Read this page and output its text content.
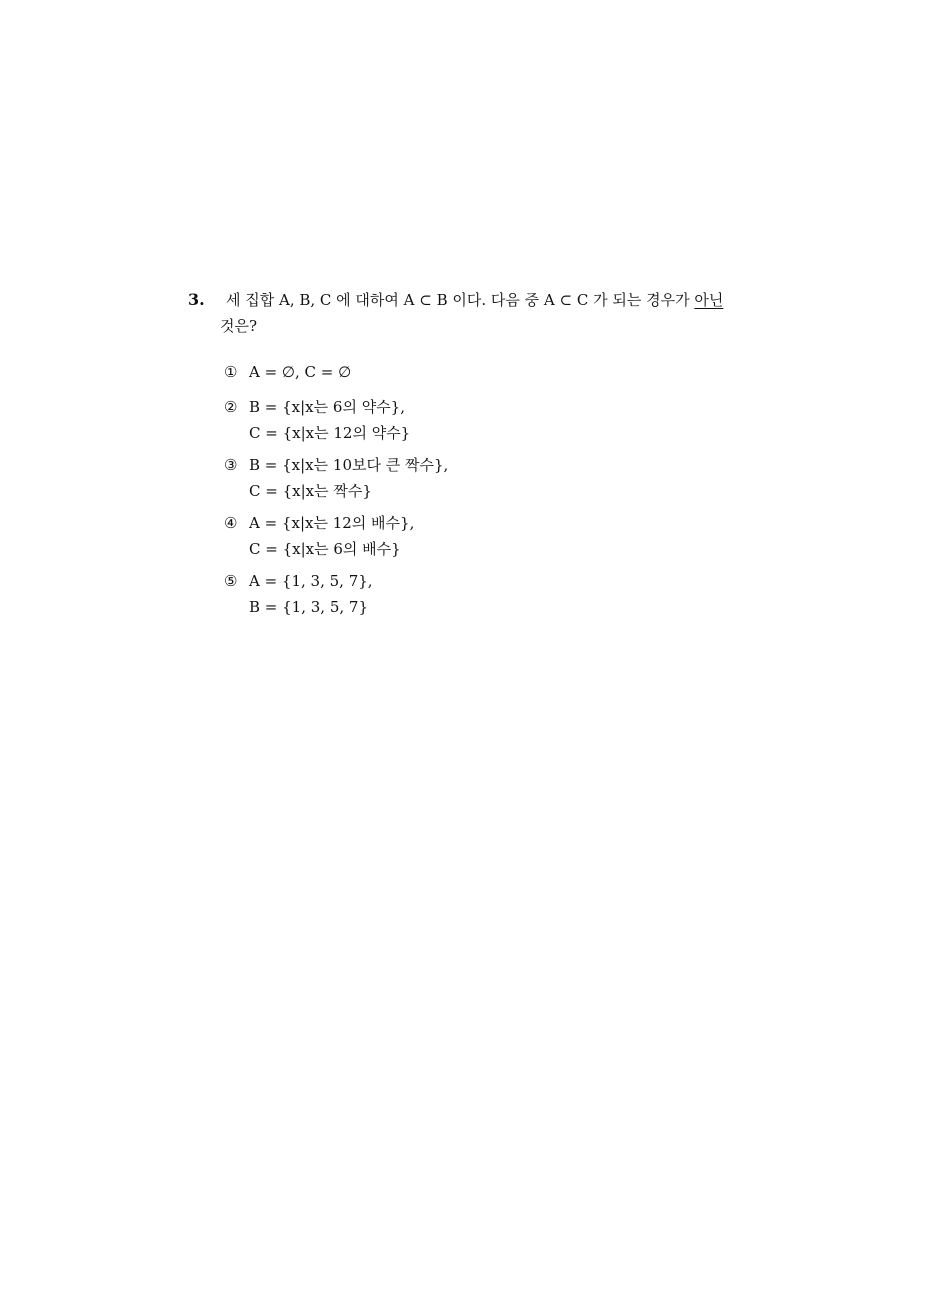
3. 세 집합 A, B, C 에 대하여 A ⊂ B 이다. 다음 중 A ⊂ C 가 되는 경우가 아닌
것은?
① A = ∅, C = ∅
② B = {x|x는 6의 약수},
C = {x|x는 12의 약수}
③ B = {x|x는 10보다 큰 짝수},
C = {x|x는 짝수}
④ A = {x|x는 12의 배수},
C = {x|x는 6의 배수}
⑤ A = {1, 3, 5, 7},
B = {1, 3, 5, 7}
